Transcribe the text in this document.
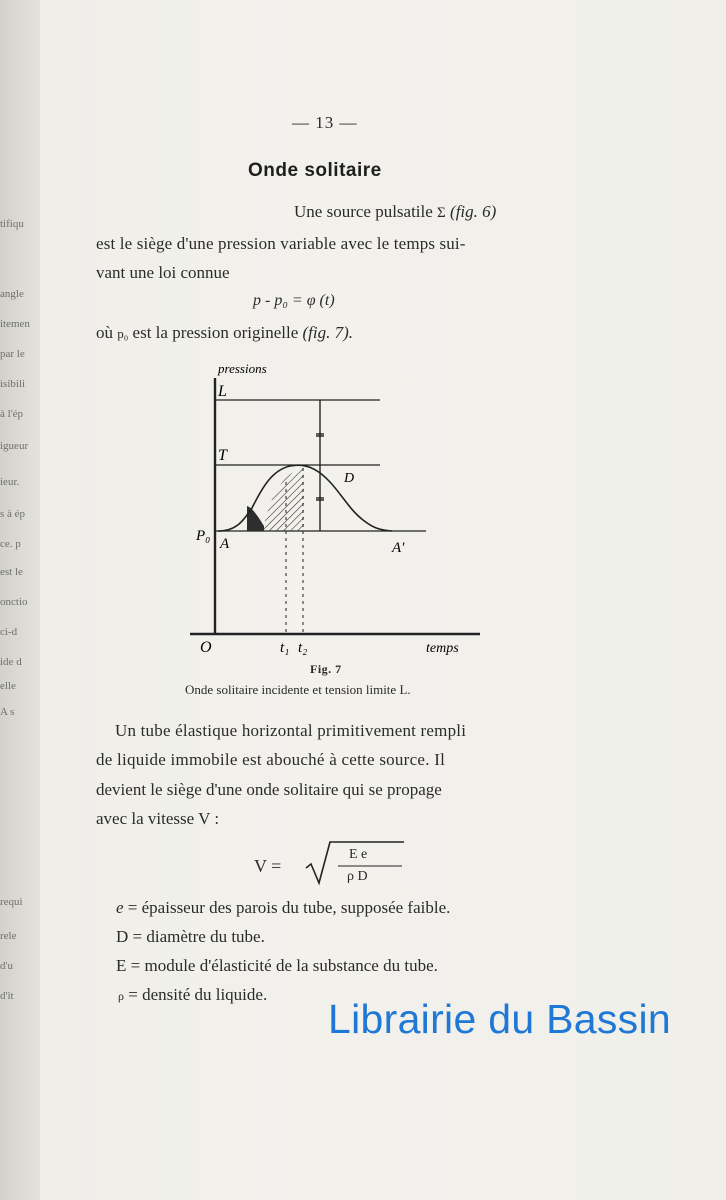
tifiqu
angle
itemen
par le
isibili
à l'ép
igueur
ieur.
s à ép
ce. p
est le
onctio
ci-d
ide d
elle
A s
requi
rele
d'u
d'it
— 13 —
Onde solitaire
Une source pulsatile Σ (fig. 6)
est le siège d'une pression variable avec le temps sui-
vant une loi connue
p - p₀ = φ (t)
où p₀ est la pression originelle (fig. 7).
pressions
L
T
D
P₀ A	A'
O	t₁ t₂	temps
Fig. 7
Onde solitaire incidente et tension limite L.
Un tube élastique horizontal primitivement rempli
de liquide immobile est abouché à cette source. Il
devient le siège d'une onde solitaire qui se propage
avec la vitesse V :
V =
E e
ρ D
e = épaisseur des parois du tube, supposée faible.
D = diamètre du tube.
E = module d'élasticité de la substance du tube.
ρ = densité du liquide.
Librairie du Bassin
